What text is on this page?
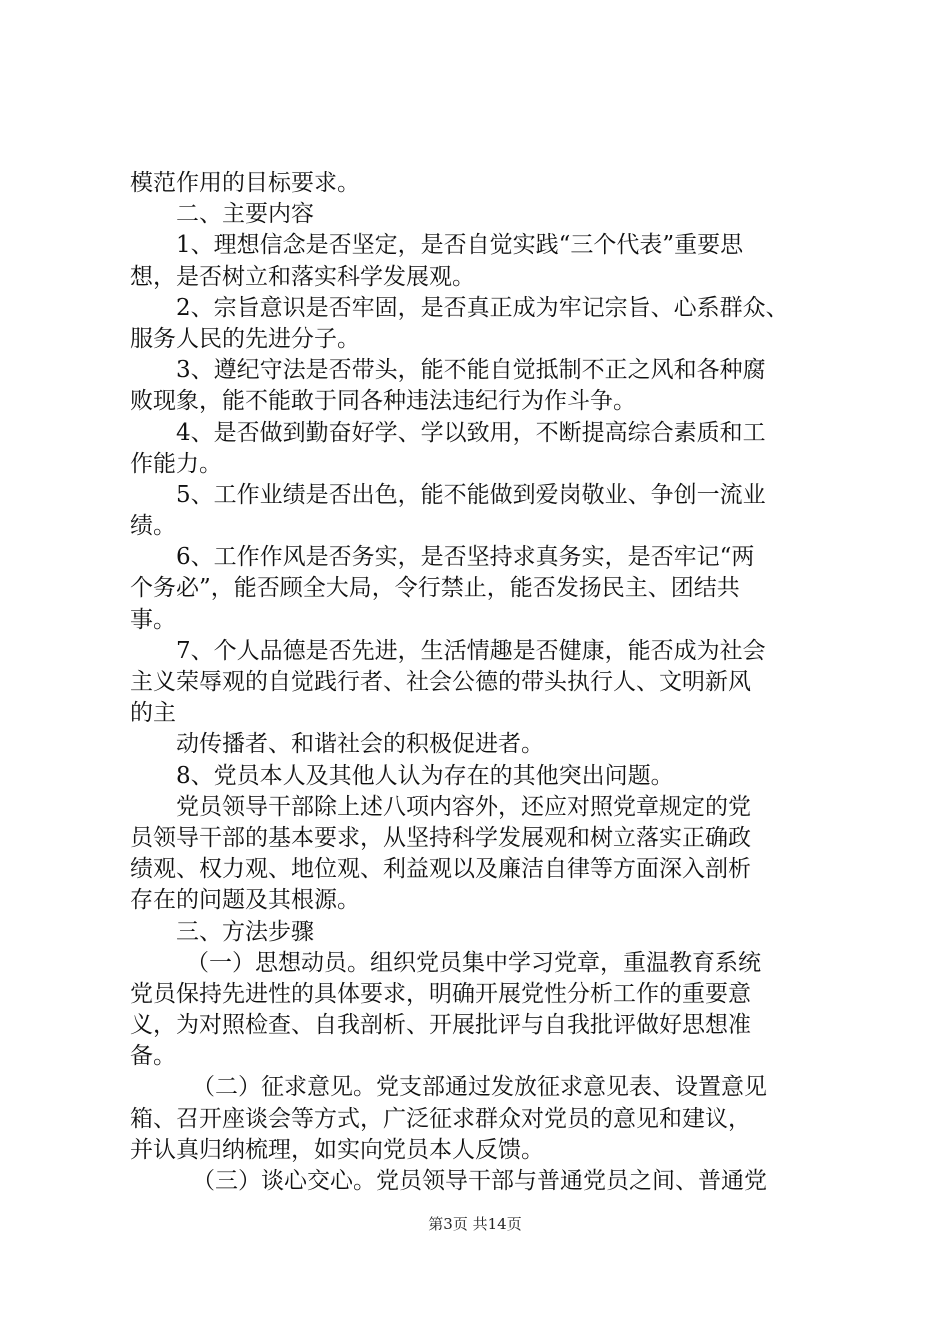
模范作用的目标要求。
二、主要内容
1、理想信念是否坚定，是否自觉实践“三个代表”重要思
想，是否树立和落实科学发展观。
2、宗旨意识是否牢固，是否真正成为牢记宗旨、心系群众、
服务人民的先进分子。
3、遵纪守法是否带头，能不能自觉抵制不正之风和各种腐
败现象，能不能敢于同各种违法违纪行为作斗争。
4、是否做到勤奋好学、学以致用，不断提高综合素质和工
作能力。
5、工作业绩是否出色，能不能做到爱岗敬业、争创一流业
绩。
6、工作作风是否务实，是否坚持求真务实，是否牢记“两
个务必”，能否顾全大局，令行禁止，能否发扬民主、团结共
事。
7、个人品德是否先进，生活情趣是否健康，能否成为社会
主义荣辱观的自觉践行者、社会公德的带头执行人、文明新风
的主
动传播者、和谐社会的积极促进者。
8、党员本人及其他人认为存在的其他突出问题。
党员领导干部除上述八项内容外，还应对照党章规定的党
员领导干部的基本要求，从坚持科学发展观和树立落实正确政
绩观、权力观、地位观、利益观以及廉洁自律等方面深入剖析
存在的问题及其根源。
三、方法步骤
（一）思想动员。组织党员集中学习党章，重温教育系统
党员保持先进性的具体要求，明确开展党性分析工作的重要意
义，为对照检查、自我剖析、开展批评与自我批评做好思想准
备。
（二）征求意见。党支部通过发放征求意见表、设置意见
箱、召开座谈会等方式，广泛征求群众对党员的意见和建议，
并认真归纳梳理，如实向党员本人反馈。
（三）谈心交心。党员领导干部与普通党员之间、普通党
第3页 共14页
